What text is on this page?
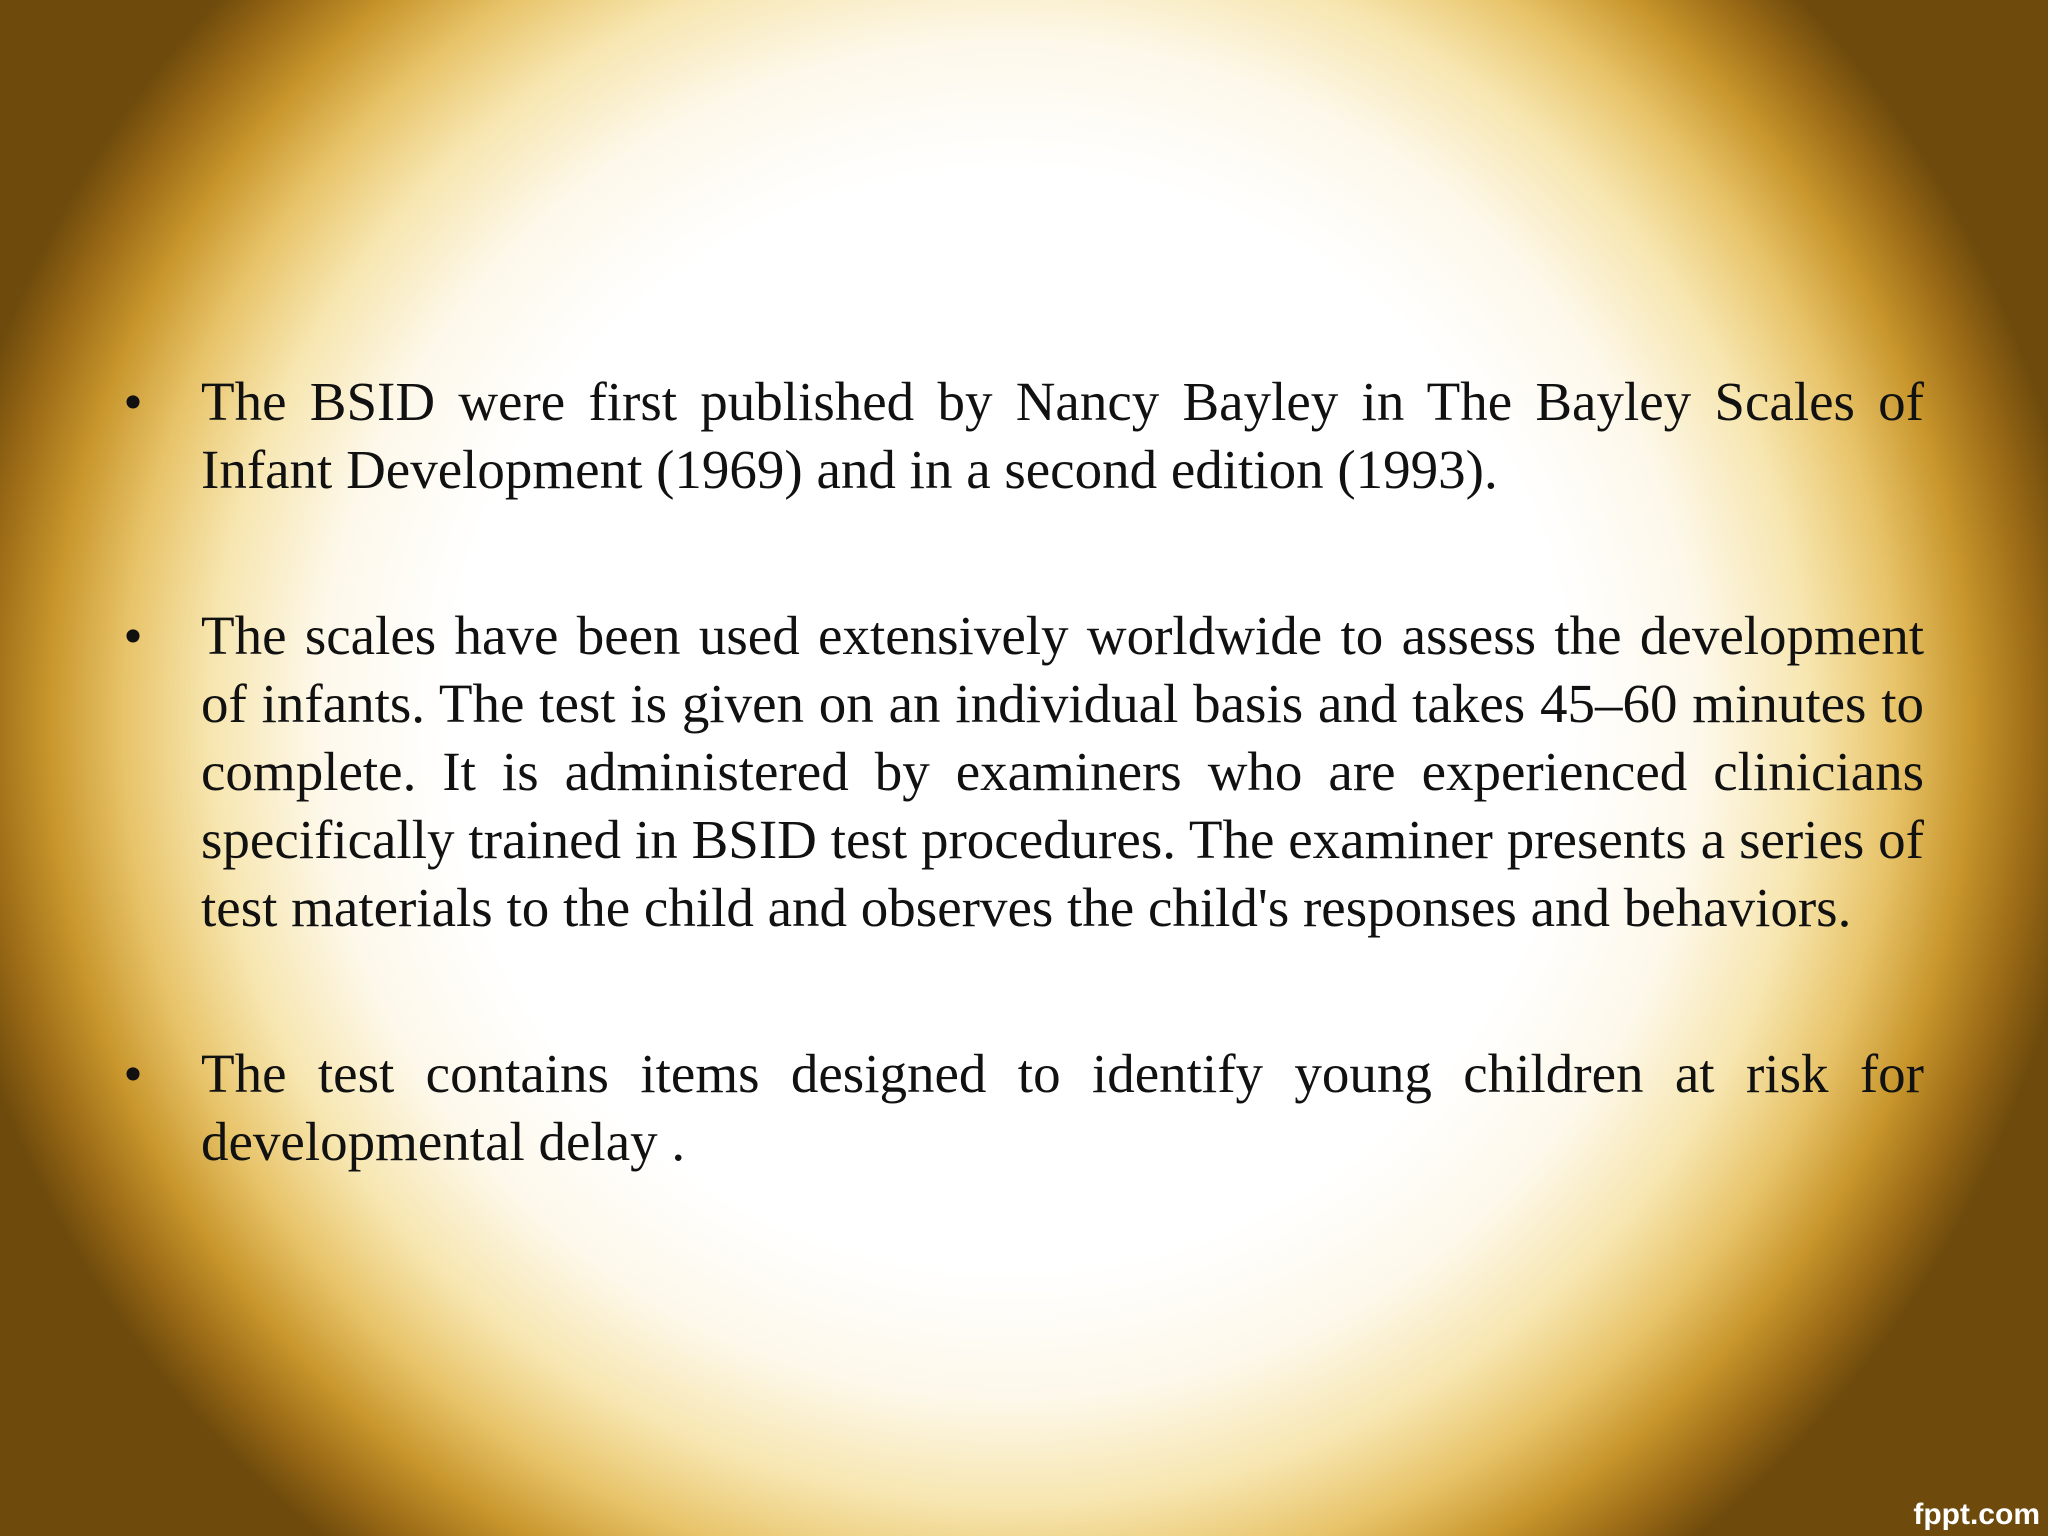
• The BSID were first published by Nancy Bayley in The Bayley Scales of Infant Development (1969) and in a second edition (1993).
• The scales have been used extensively worldwide to assess the development of infants. The test is given on an individual basis and takes 45–60 minutes to complete. It is administered by examiners who are experienced clinicians specifically trained in BSID test procedures. The examiner presents a series of test materials to the child and observes the child's responses and behaviors.
• The test contains items designed to identify young children at risk for developmental delay .
fppt.com
